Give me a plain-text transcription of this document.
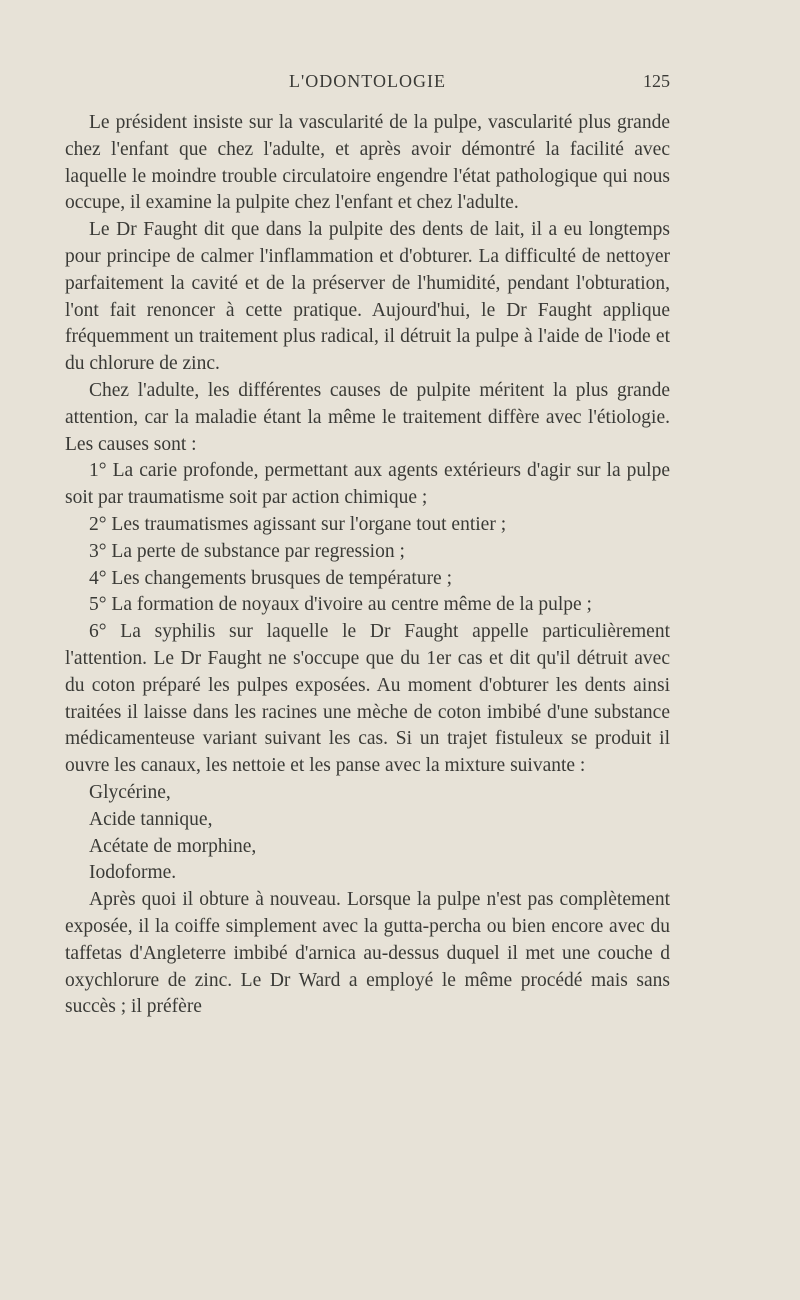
L'ODONTOLOGIE	125

Le président insiste sur la vascularité de la pulpe, vascularité plus grande chez l'enfant que chez l'adulte, et après avoir démontré la facilité avec laquelle le moindre trouble circulatoire engendre l'état pathologique qui nous occupe, il examine la pulpite chez l'enfant et chez l'adulte.

Le Dr Faught dit que dans la pulpite des dents de lait, il a eu longtemps pour principe de calmer l'inflammation et d'obturer. La difficulté de nettoyer parfaitement la cavité et de la préserver de l'humidité, pendant l'obturation, l'ont fait renoncer à cette pratique. Aujourd'hui, le Dr Faught applique fréquemment un traitement plus radical, il détruit la pulpe à l'aide de l'iode et du chlorure de zinc.

Chez l'adulte, les différentes causes de pulpite méritent la plus grande attention, car la maladie étant la même le traitement diffère avec l'étiologie. Les causes sont :

1° La carie profonde, permettant aux agents extérieurs d'agir sur la pulpe soit par traumatisme soit par action chimique ;

2° Les traumatismes agissant sur l'organe tout entier ;

3° La perte de substance par regression ;

4° Les changements brusques de température ;

5° La formation de noyaux d'ivoire au centre même de la pulpe ;

6° La syphilis sur laquelle le Dr Faught appelle particulièrement l'attention. Le Dr Faught ne s'occupe que du 1er cas et dit qu'il détruit avec du coton préparé les pulpes exposées. Au moment d'obturer les dents ainsi traitées il laisse dans les racines une mèche de coton imbibé d'une substance médicamenteuse variant suivant les cas. Si un trajet fistuleux se produit il ouvre les canaux, les nettoie et les panse avec la mixture suivante :

Glycérine,

Acide tannique,

Acétate de morphine,

Iodoforme.

Après quoi il obture à nouveau. Lorsque la pulpe n'est pas complètement exposée, il la coiffe simplement avec la gutta-percha ou bien encore avec du taffetas d'Angleterre imbibé d'arnica au-dessus duquel il met une couche d oxychlorure de zinc. Le Dr Ward a employé le même procédé mais sans succès ; il préfère
